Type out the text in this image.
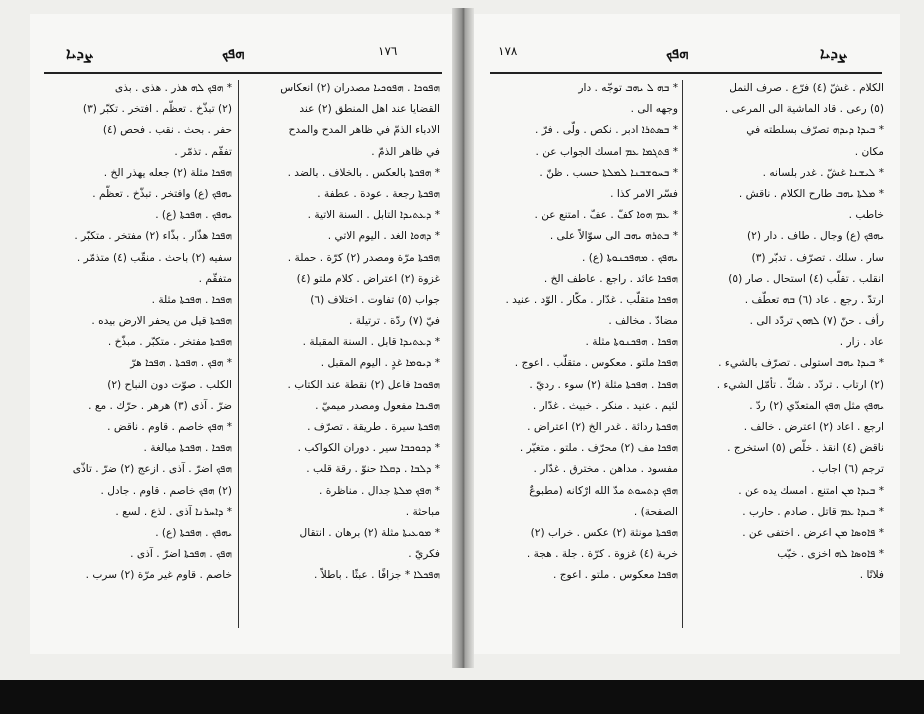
ܨܕܝܐ	ܗܦܟ	١٧٦
ܗܦܘܟܐ . ܗܦܘܟܝܐ مصدران (٢) انعكاس
القضايا عند اهل المنطق (٢) عند
الادباء الذمّ في ظاهر المدح والمدح
في ظاهر الذمّ .
* ܗܦܟܬܐ بالعكس . بالخلاف . بالضد .
ܗܦܟܬܐ رجعة . عودة . عطفة .
* ܕܥܬܝܕܐ التابل . السنة الاتية .
* ܕܗܘܐ الغد . اليوم الاتي .
ܗܦܟܬܐ مرّة ومصدر (٢) كرّة . حملة .
غزوة (٢) اعتراض . كلام ملتو (٤)
جواب (٥) تفاوت . اختلاف (٦)
فيّ (٧) ردّة . ترتيلة .
* ܕܥܬܝܕܐ قابل . السنة المقبلة .
* ܕܝܘܡܐ غدٍ . اليوم المقبل .
ܗܦܘܟܐ فاعل (٢) نقطة عند الكتاب .
ܗܦܝܟܐ مفعول ومصدر ميميّ .
ܗܦܟܬܐ سيرة . طريقة . تصرّف .
* ܕܟܘܟܒܐ سير . دوران الكواكب .
* ܕܠܒܐ . ܕܩܠܐ حنوّ . رقة قلب .
* ܗܦܟ ܡܠܬܐ جدال . مناظرة .
مباحثة .
* ܡܘܥܝܬܐ مثلة (٢) برهان . انتقال
فكريّ .
ܗܦܟܠܐ * جزافًا . عبثًا . باطلاً .
* ܗܦܟ ܠܗ هذر . هذى . بذى
(٢) تبذّخ . تعظّم . افتخر . تكبّر (٣)
حفر . بحث . نقب . فحص (٤)
تفقّم . تذمّر .
ܗܦܟܐ مثلة (٢) جعله يهذر الخ .
ܝܗܦܟ (ع) وافتخر . تبذّخ . تعظّم .
ܝܗܦܟ . ܗܦܟܬܐ (ع) .
ܗܦܟܐ هذّار . بذّاء (٢) مفتخر . متكبّر .
سفيه (٢) باحث . منقّب (٤) متذمّر .
متفقّم .
ܗܦܟܐ . ܗܦܟܬܐ مثلة .
ܗܦܟܬܐ قيل من يحفر الارض بيده .
ܗܦܟܬܐ مفتخر . متكبّر . مبذّخ .
* ܗܦܟ . ܗܦܟܬܐ . ܗܦܟܐ هرّ
الكلب . صوّت دون النباح (٢)
ضرّ . آذى (٣) هرهر . حرّك . مع .
* ܗܦܟ خاصم . قاوم . ناقض .
ܗܦܟܐ . ܗܦܟܬܐ مبالغة .
ܗܦܟ اضرّ . آذى . ازعج (٢) ضرّ . تاذّى
(٢) ܗܦܟ خاصم . قاوم . جادل .
* ܕܐܚܪܢܐ آذى . لذع . لسع .
ܝܗܦܟ . ܗܦܟܬܐ (ع) .
ܗܦܟ . ܗܦܟܬܐ اضرّ . آذى .
خاصم . قاوم غير مرّة (٢) سرب .
١٧٨	ܗܦܟ	ܨܕܝܐ
* ܒܗ ܠ ܝܗܒ توجّه . دار
وجهه الى .
* ܒܣܬܪܐ ادبر . نكص . ولّى . فرّ .
* ܦܬܓܡܐ ܥܡ امسك الجواب عن .
* ܒܚܘܫܒܢܐ ܠܡܠܬܐ حسب . ظنّ .
فسّر الامر كذا .
* ܥܡ ܗܘܐ كفّ . عفّ . امتنع عن .
* ܒܬܪܗ ܝܗܒ الى سوّالاً على .
ܝܗܦܟ . ܡܗܦܟܢܘܬܐ (ع) .
ܗܦܟܐ عائد . راجع . عاطف الخ .
ܗܦܟܐ متقلّب . غدّار . مكّار . الوّد . عنيد .
مضادّ . مخالف .
ܗܦܟܐ . ܗܦܟܢܘܬܐ مثلة .
ܗܦܟܐ ملتو . معكوس . متقلّب . اعوج .
ܗܦܟܐ . ܗܦܟܬܐ مثلة (٢) سوء . رديّ .
لئيم . عنيد . منكر . خبيث . غدّار .
ܗܦܟܬܐ ردائة . غدر الخ (٢) اعتراض .
ܗܦܟܐ مف (٢) محرّف . ملتو . متغيّر .
مفسود . مداهن . مخترق . غدّار .
ܗܦܟ ܕܬܚܘܬ مدّ الله ارْكانه (مطبوعٌ
الصفحة) .
ܗܦܟܬܐ مونثة (٢) عكس . خراب (٢)
خربة (٤) غزوة . كرّة . جلة . هجة .
ܗܦܟܐ معكوس . ملتو . اعوج .
الكلام . غشّ (٤) فرّع . صرف النمل
(٥) رعى . قاد الماشية الى المرعى .
* ܒܝܕܐ ܕܝܕܗ تصرّف بسلطته في
مكان .
* ܠܝܫܢܐ غشّ . غدر بلسانه .
* ܡܠܬܐ ܝܗܒ طارح الكلام . ناقش .
خاطب .
ܝܗܦܟ (ع) وجال . طاف . دار (٢)
سار . سلك . تصرّف . تدبّر (٣)
انقلب . تقلّب (٤) استحال . صار (٥)
ارتدّ . رجع . عاد (٦) ܒܗ تعطّف .
رأف . حنّ (٧) ܠܗܘܢ تردّد الى .
عاد . زار .
* ܒܝܕܐ ܝܗܒ استولى . تصرّف بالشيء .
(٢) ارتاب . تردّد . شكّ . تأمّل الشيء .
ܝܗܦܟ مثل ܗܦܟ المتعدّي (٢) ردّ .
ارجع . اعاد (٢) اعترض . خالف .
ناقض (٤) انقذ . خلّص (٥) استخرج .
ترجم (٦) اجاب .
* ܒܝܕܐ ܡܢ امتنع . امسك يده عن .
* ܒܝܕܐ ܥܡ قاتل . صادم . حارب .
* ܦܐܘܣܐ ܡܢ اعرض . اختفى عن .
* ܦܐܘܣܐ ܠܗ اخزى . خيّب
فلانًا .
